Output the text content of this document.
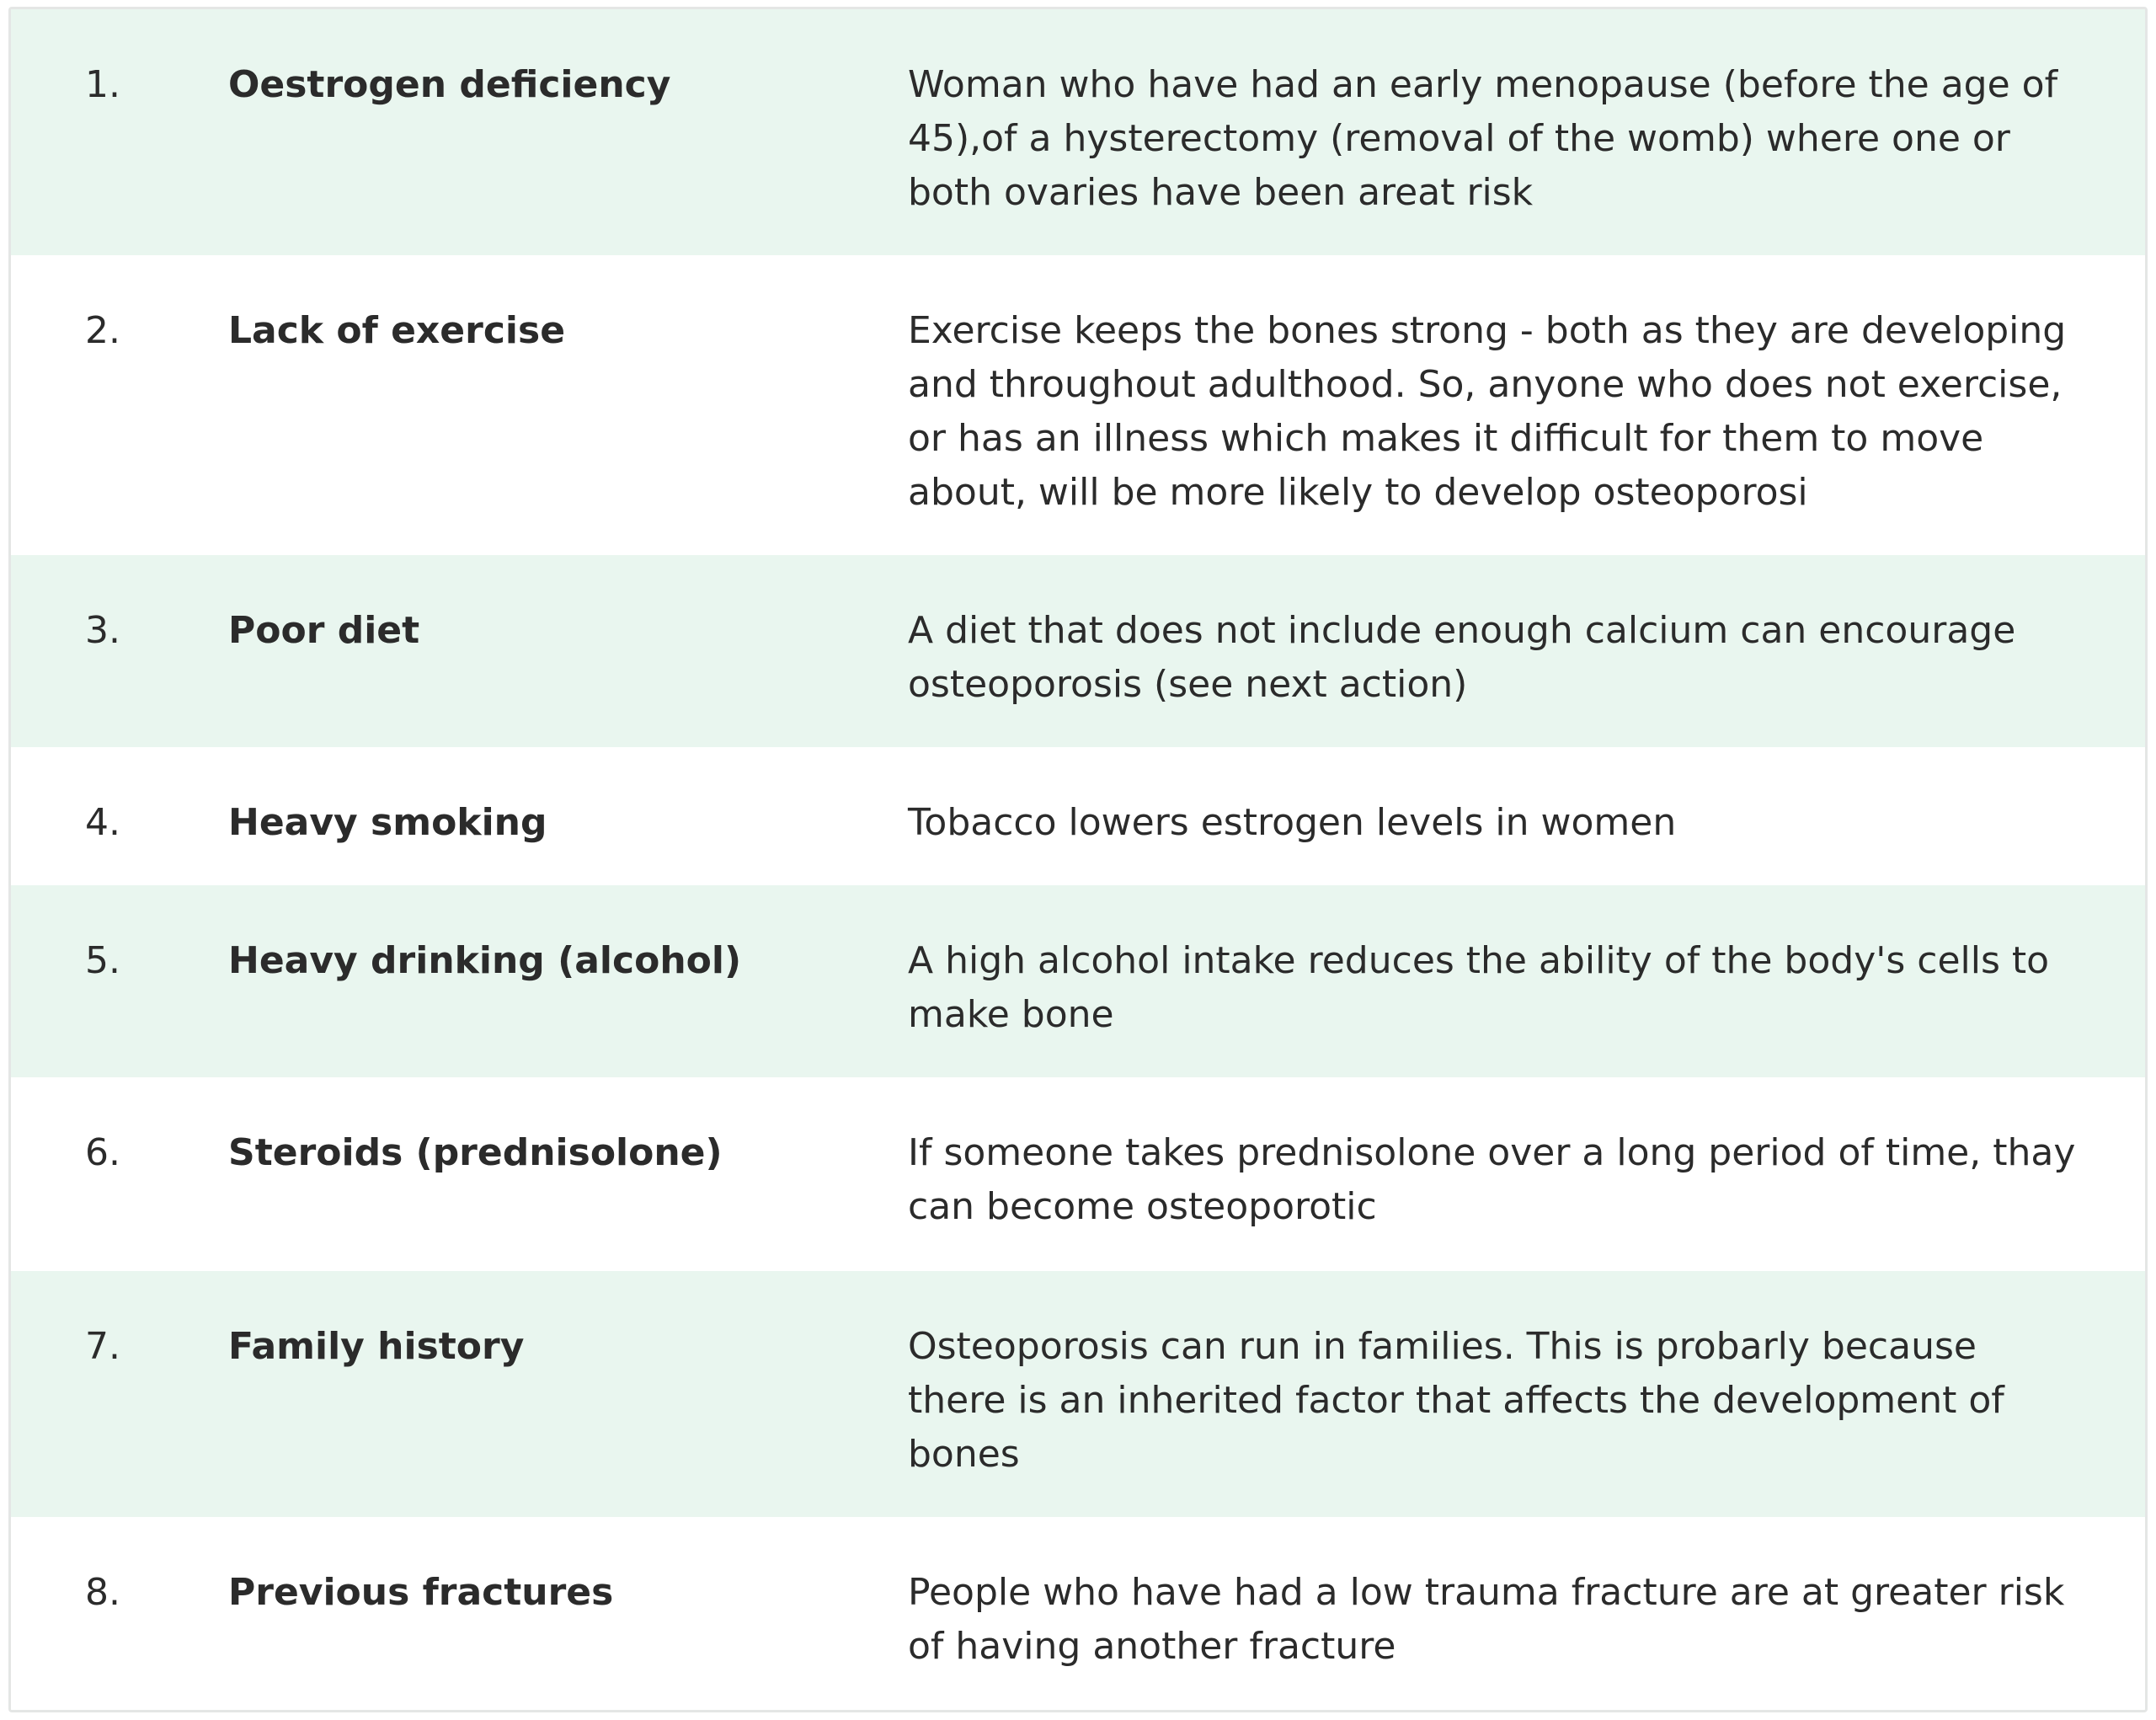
1.	Oestrogen deficiency	Woman who have had an early menopause (before the age of
45),of a hysterectomy (removal of the womb) where one or
both ovaries have been areat risk
2.	Lack of exercise	Exercise keeps the bones strong - both as they are developing
and throughout adulthood. So, anyone who does not exercise,
or has an illness which makes it difficult for them to move
about, will be more likely to develop osteoporosi
3.	Poor diet	A diet that does not include enough calcium can encourage
osteoporosis (see next action)
4.	Heavy smoking	Tobacco lowers estrogen levels in women
5.	Heavy drinking (alcohol)	A high alcohol intake reduces the ability of the body's cells to
make bone
6.	Steroids (prednisolone)	If someone takes prednisolone over a long period of time, thay
can become osteoporotic
7.	Family history	Osteoporosis can run in families. This is probarly because
there is an inherited factor that affects the development of
bones
8.	Previous fractures	People who have had a low trauma fracture are at greater risk
of having another fracture
